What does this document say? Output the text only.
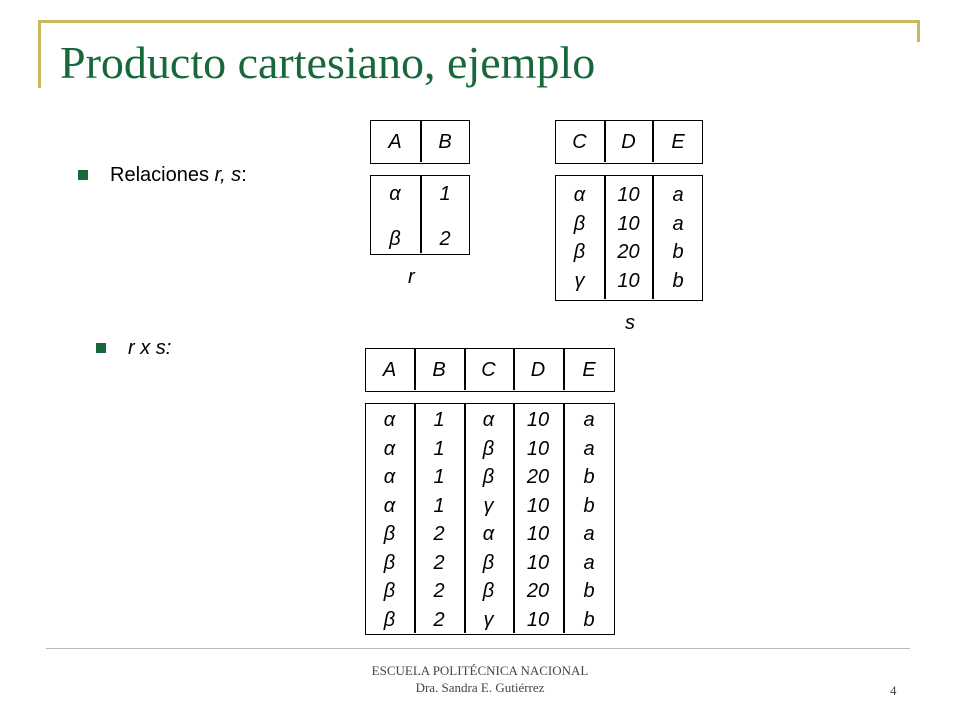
Producto cartesiano, ejemplo
Relaciones r, s:
r x s:
A	B
α	1
β	2
r
C	D	E
α	10	a
β	10	a
β	20	b
γ	10	b
s
A	B	C	D	E
α	1	α	10	a
α	1	β	10	a
α	1	β	20	b
α	1	γ	10	b
β	2	α	10	a
β	2	β	10	a
β	2	β	20	b
β	2	γ	10	b
ESCUELA POLITÉCNICA NACIONAL
Dra. Sandra E. Gutiérrez	4
